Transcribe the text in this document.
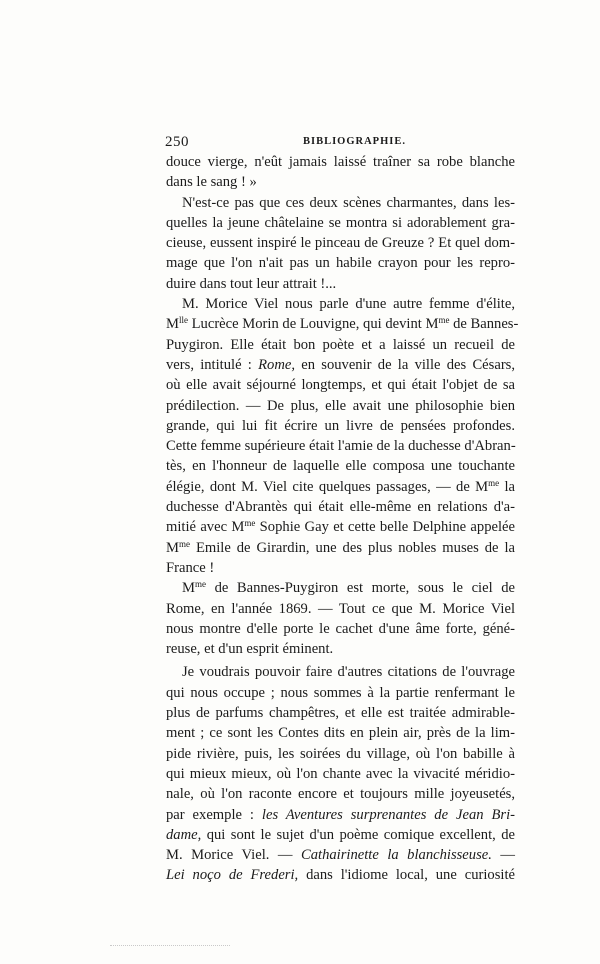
250	BIBLIOGRAPHIE.
douce vierge, n'eût jamais laissé traîner sa robe blanche
dans le sang ! »
N'est-ce pas que ces deux scènes charmantes, dans les-
quelles la jeune châtelaine se montra si adorablement gra-
cieuse, eussent inspiré le pinceau de Greuze ? Et quel dom-
mage que l'on n'ait pas un habile crayon pour les repro-
duire dans tout leur attrait !...
M. Morice Viel nous parle d'une autre femme d'élite,
$M^{lle}$ Lucrèce Morin de Louvigne, qui devint $M^{me}$ de Bannes-
Puygiron. Elle était bon poète et a laissé un recueil de
vers, intitulé : Rome, en souvenir de la ville des Césars,
où elle avait séjourné longtemps, et qui était l'objet de sa
prédilection. — De plus, elle avait une philosophie bien
grande, qui lui fit écrire un livre de pensées profondes.
Cette femme supérieure était l'amie de la duchesse d'Abran-
tès, en l'honneur de laquelle elle composa une touchante
élégie, dont M. Viel cite quelques passages, — de $M^{me}$ la
duchesse d'Abrantès qui était elle-même en relations d'a-
mitié avec $M^{me}$ Sophie Gay et cette belle Delphine appelée
$M^{me}$ Emile de Girardin, une des plus nobles muses de la
France !
$M^{me}$ de Bannes-Puygiron est morte, sous le ciel de
Rome, en l'année 1869. — Tout ce que M. Morice Viel
nous montre d'elle porte le cachet d'une âme forte, géné-
reuse, et d'un esprit éminent.
Je voudrais pouvoir faire d'autres citations de l'ouvrage
qui nous occupe ; nous sommes à la partie renfermant le
plus de parfums champêtres, et elle est traitée admirable-
ment ; ce sont les Contes dits en plein air, près de la lim-
pide rivière, puis, les soirées du village, où l'on babille à
qui mieux mieux, où l'on chante avec la vivacité méridio-
nale, où l'on raconte encore et toujours mille joyeusetés,
par exemple : les Aventures surprenantes de Jean Bri-
dame, qui sont le sujet d'un poème comique excellent, de
M. Morice Viel. — Cathairinette la blanchisseuse. —
Lei noço de Frederi, dans l'idiome local, une curiosité
